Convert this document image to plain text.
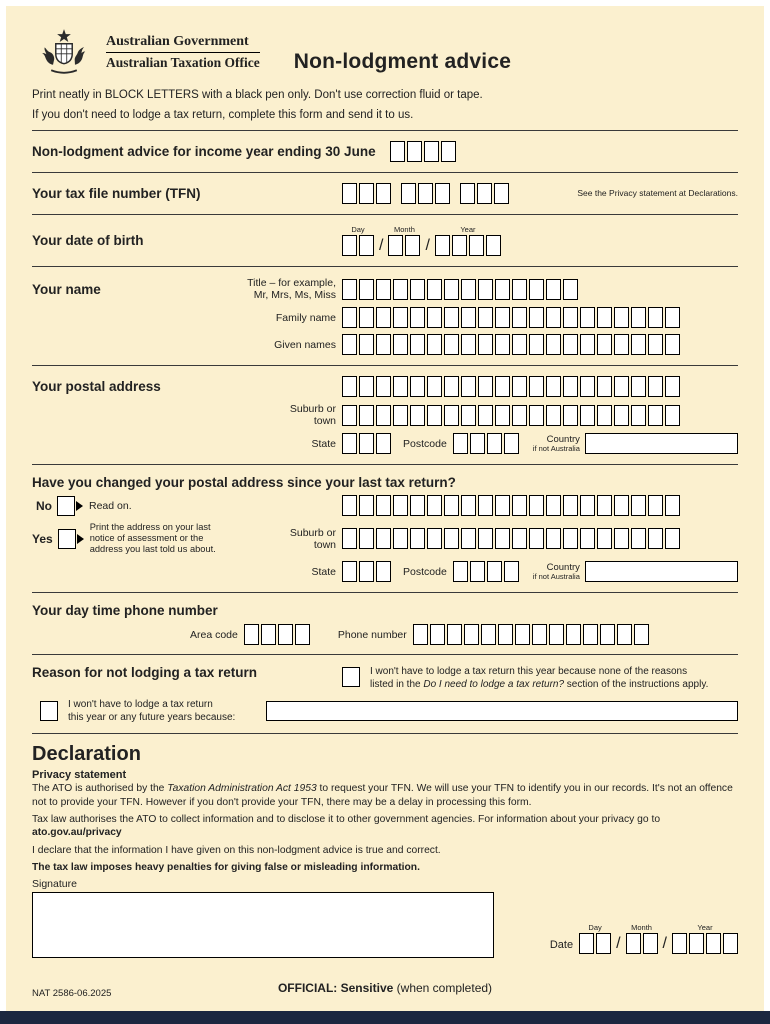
Australian Government
Australian Taxation Office Non-lodgment advice

Print neatly in BLOCK LETTERS with a black pen only. Don't use correction fluid or tape.

If you don't need to lodge a tax return, complete this form and send it to us.

Non-lodgment advice for income year ending 30 June
Your tax file number (TFN)	See the Privacy statement at Declarations.
Your date of birth
Day
/
Month
/
Year
Your name	Title – for example,
Mr, Mrs, Ms, Miss
Family name
Given names
Your postal address
Suburb or
town
State	Postcode	Country
if not Australia
Have you changed your postal address since your last tax return?
No	Read on.
Yes
Print the address on your last
notice of assessment or the
address you last told us about.
Suburb or
town
State	Postcode	Country
if not Australia
Your day time phone number
Area code	Phone number
Reason for not lodging a tax return	I won't have to lodge a tax return this year because none of the reasons
listed in the Do I need to lodge a tax return? section of the instructions apply.
I won't have to lodge a tax return
this year or any future years because:
Declaration
Privacy statement

The ATO is authorised by the Taxation Administration Act 1953 to request your TFN. We will use your TFN to identify you in our records. It's not an offence not to provide your TFN. However if you don't provide your TFN, there may be a delay in processing this form.

Tax law authorises the ATO to collect information and to disclose it to other government agencies. For information about your privacy go to ato.gov.au/privacy

I declare that the information I have given on this non-lodgment advice is true and correct.

The tax law imposes heavy penalties for giving false or misleading information.

Signature
Date
Day
/
Month
/
Year
NAT 2586-06.2025	OFFICIAL: Sensitive (when completed)
